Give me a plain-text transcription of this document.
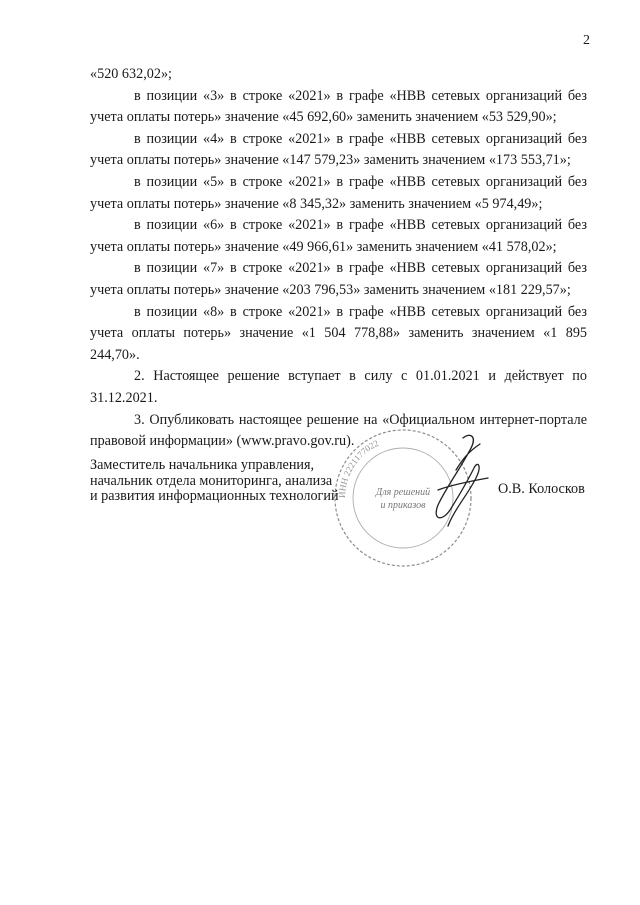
2

«520 632,02»;

в позиции «3» в строке «2021» в графе «НВВ сетевых организаций без учета оплаты потерь» значение «45 692,60» заменить значением «53 529,90»;

в позиции «4» в строке «2021» в графе «НВВ сетевых организаций без учета оплаты потерь» значение «147 579,23» заменить значением «173 553,71»;

в позиции «5» в строке «2021» в графе «НВВ сетевых организаций без учета оплаты потерь» значение «8 345,32» заменить значением «5 974,49»;

в позиции «6» в строке «2021» в графе «НВВ сетевых организаций без учета оплаты потерь» значение «49 966,61» заменить значением «41 578,02»;

в позиции «7» в строке «2021» в графе «НВВ сетевых организаций без учета оплаты потерь» значение «203 796,53» заменить значением «181 229,57»;

в позиции «8» в строке «2021» в графе «НВВ сетевых организаций без учета оплаты потерь» значение «1 504 778,88» заменить значением «1 895 244,70».

2. Настоящее решение вступает в силу с 01.01.2021 и действует по 31.12.2021.

3. Опубликовать настоящее решение на «Официальном интернет-портале правовой информации» (www.pravo.gov.ru).

Заместитель начальника управления,
начальник отдела мониторинга, анализа
и развития информационных технологий
ИНН 2221177022
Для решений
и приказов
О.В. Колосков
